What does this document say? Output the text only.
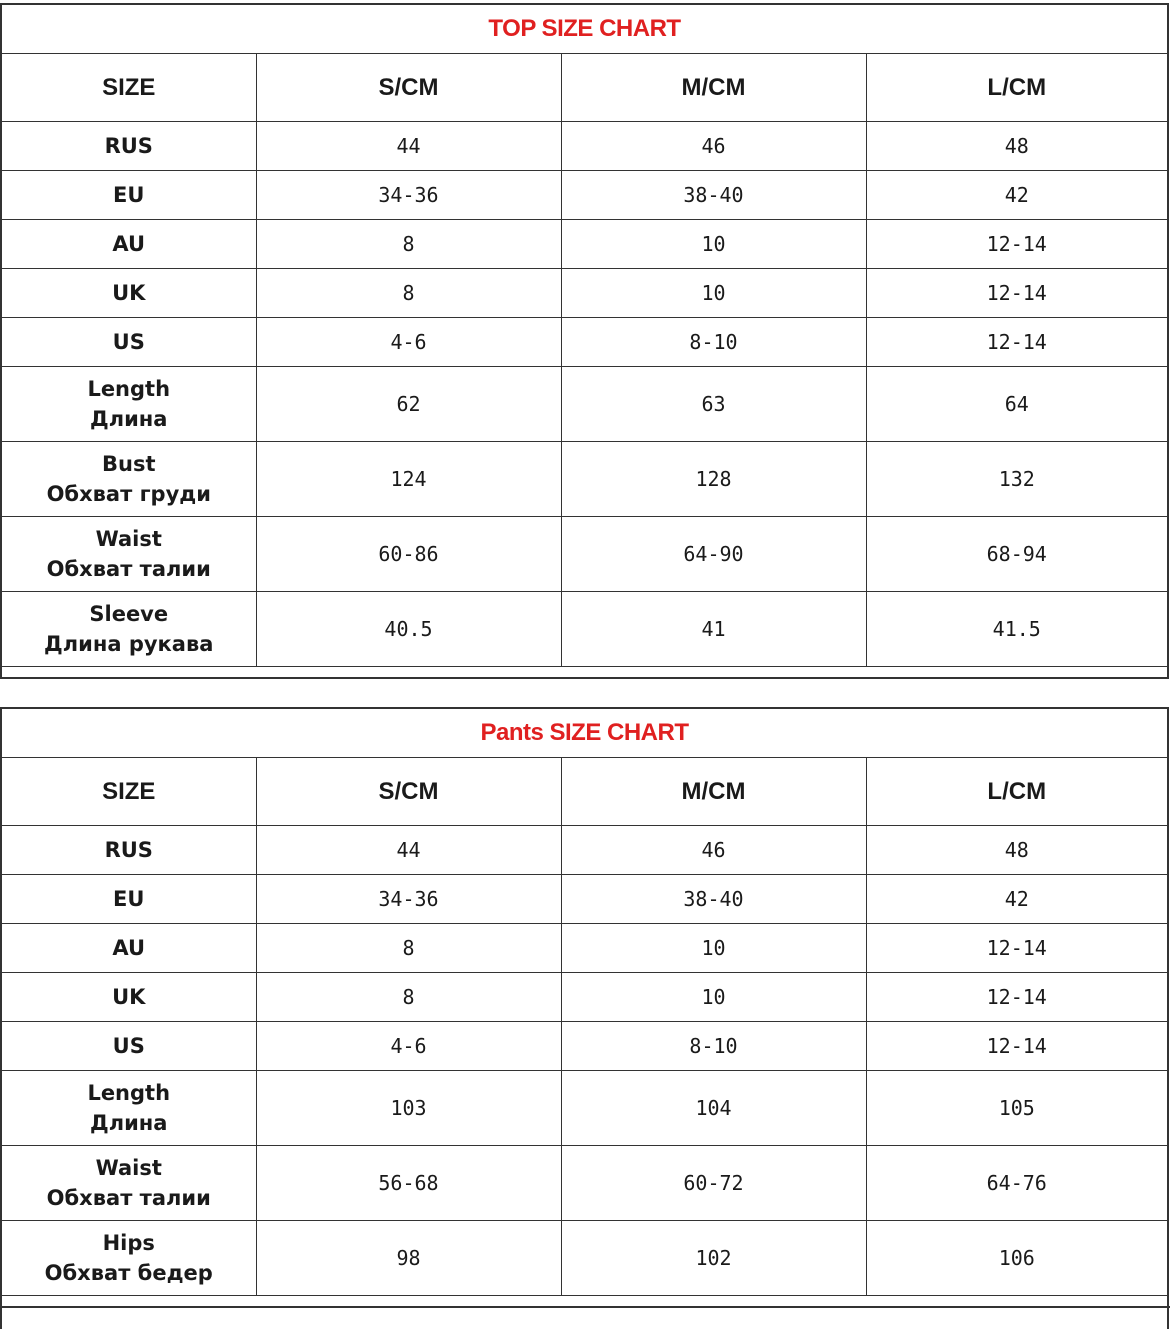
TOP SIZE CHART			
SIZE	S/CM	M/CM	L/CM

RUS	44	46	48

EU	34-36	38-40	42

AU	8	10	12-14

UK	8	10	12-14

US	4-6	8-10	12-14

Length
Длина	62	63	64

Bust
Обхват груди	124	128	132

Waist
Обхват талии	60-86	64-90	68-94

Sleeve
Длина рукава	40.5	41	41.5
Pants SIZE CHART			
SIZE	S/CM	M/CM	L/CM

RUS	44	46	48

EU	34-36	38-40	42

AU	8	10	12-14

UK	8	10	12-14

US	4-6	8-10	12-14

Length
Длина	103	104	105

Waist
Обхват талии	56-68	60-72	64-76

Hips
Обхват бедер	98	102	106
